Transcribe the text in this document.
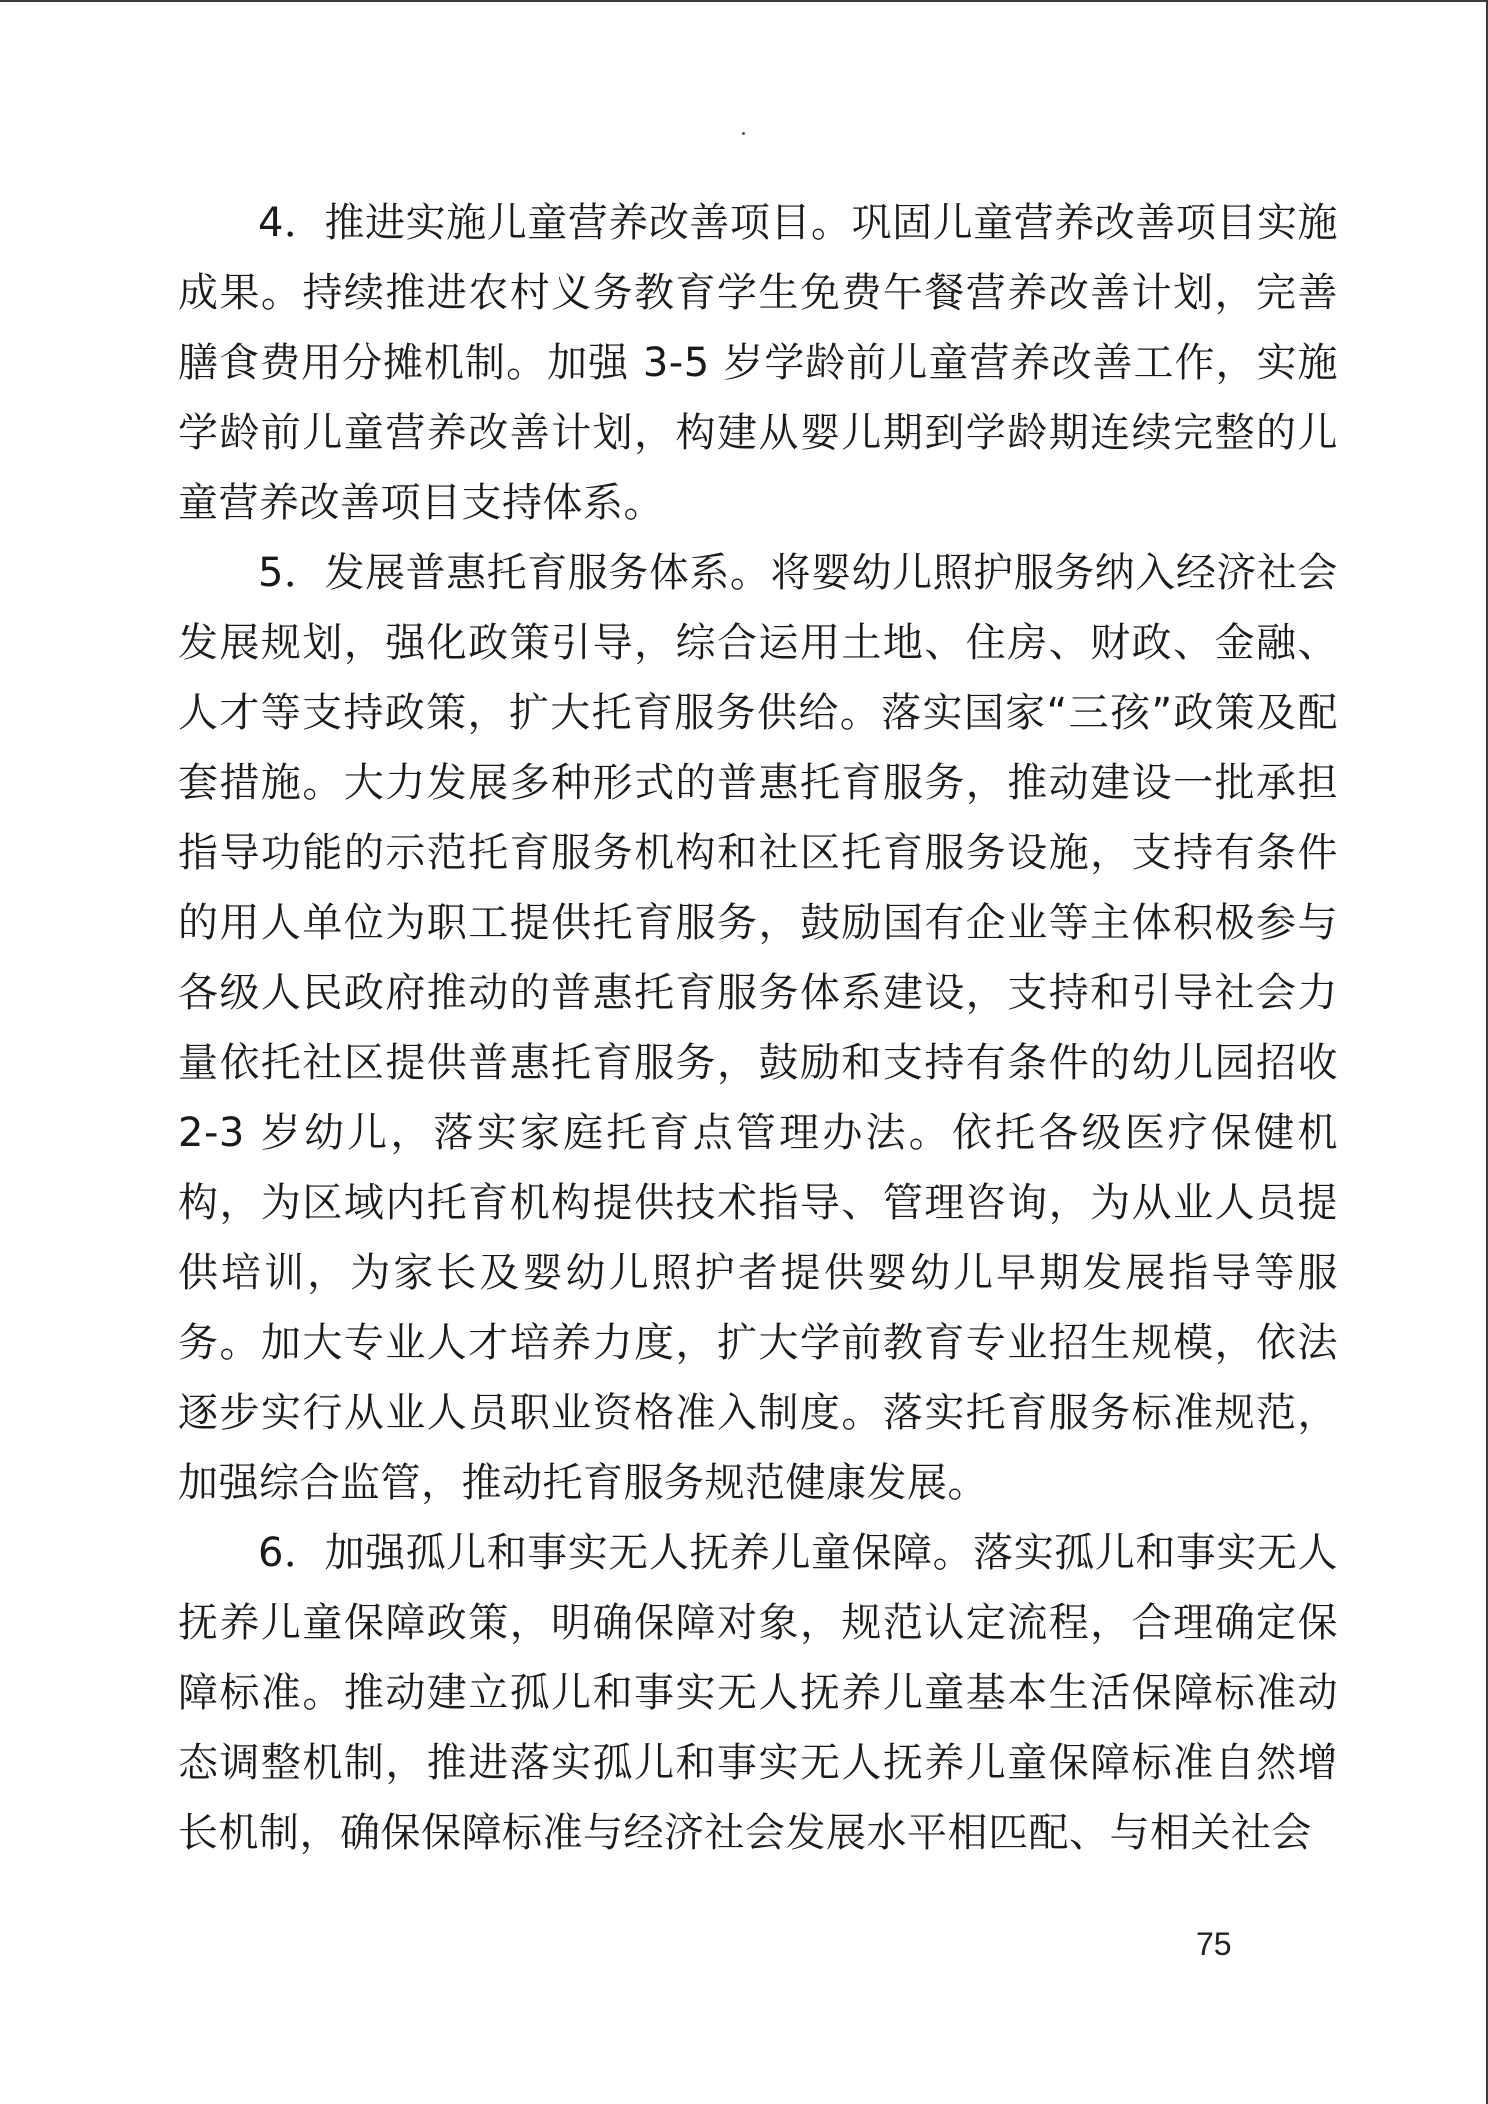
4．推进实施儿童营养改善项目。巩固儿童营养改善项目实施成果。持续推进农村义务教育学生免费午餐营养改善计划，完善膳食费用分摊机制。加强 3-5 岁学龄前儿童营养改善工作，实施学龄前儿童营养改善计划，构建从婴儿期到学龄期连续完整的儿童营养改善项目支持体系。

5．发展普惠托育服务体系。将婴幼儿照护服务纳入经济社会发展规划，强化政策引导，综合运用土地、住房、财政、金融、人才等支持政策，扩大托育服务供给。落实国家“三孩”政策及配套措施。大力发展多种形式的普惠托育服务，推动建设一批承担指导功能的示范托育服务机构和社区托育服务设施，支持有条件的用人单位为职工提供托育服务，鼓励国有企业等主体积极参与各级人民政府推动的普惠托育服务体系建设，支持和引导社会力量依托社区提供普惠托育服务，鼓励和支持有条件的幼儿园招收 2-3 岁幼儿，落实家庭托育点管理办法。依托各级医疗保健机构，为区域内托育机构提供技术指导、管理咨询，为从业人员提供培训，为家长及婴幼儿照护者提供婴幼儿早期发展指导等服务。加大专业人才培养力度，扩大学前教育专业招生规模，依法逐步实行从业人员职业资格准入制度。落实托育服务标准规范，加强综合监管，推动托育服务规范健康发展。

6．加强孤儿和事实无人抚养儿童保障。落实孤儿和事实无人抚养儿童保障政策，明确保障对象，规范认定流程，合理确定保障标准。推动建立孤儿和事实无人抚养儿童基本生活保障标准动态调整机制，推进落实孤儿和事实无人抚养儿童保障标准自然增长机制，确保保障标准与经济社会发展水平相匹配、与相关社会

75
